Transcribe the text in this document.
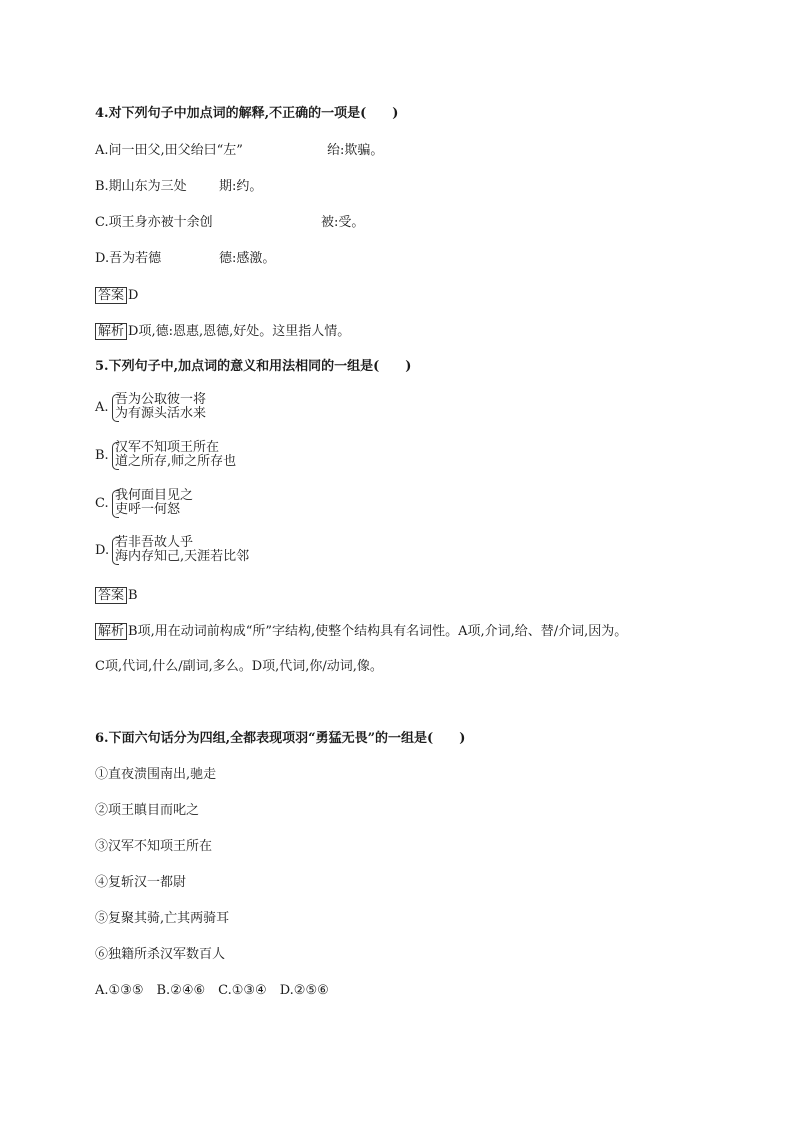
4.对下列句子中加点词的解释,不正确的一项是(　　)
A.问一田父,田父绐曰“左”	绐:欺骗。
B.期山东为三处 期:约。
C.项王身亦被十余创	被:受。
D.吾为若德	德:感激。
答案 D
解析 D项,德:恩惠,恩德,好处。这里指人情。
5.下列句子中,加点词的意义和用法相同的一组是(　　)
A.
吾为公取彼一将
为有源头活水来
B.
汉军不知项王所在
道之所存,师之所存也
C.
我何面目见之
吏呼一何怒
D.
若非吾故人乎
海内存知己,天涯若比邻
答案 B
解析 B项,用在动词前构成“所”字结构,使整个结构具有名词性。A项,介词,给、替/介词,因为。
C项,代词,什么/副词,多么。D项,代词,你/动词,像。
6.下面六句话分为四组,全都表现项羽“勇猛无畏”的一组是(　　)
①直夜溃围南出,驰走
②项王瞋目而叱之
③汉军不知项王所在
④复斩汉一都尉
⑤复聚其骑,亡其两骑耳
⑥独籍所杀汉军数百人
A.①③⑤　B.②④⑥　C.①③④　D.②⑤⑥
